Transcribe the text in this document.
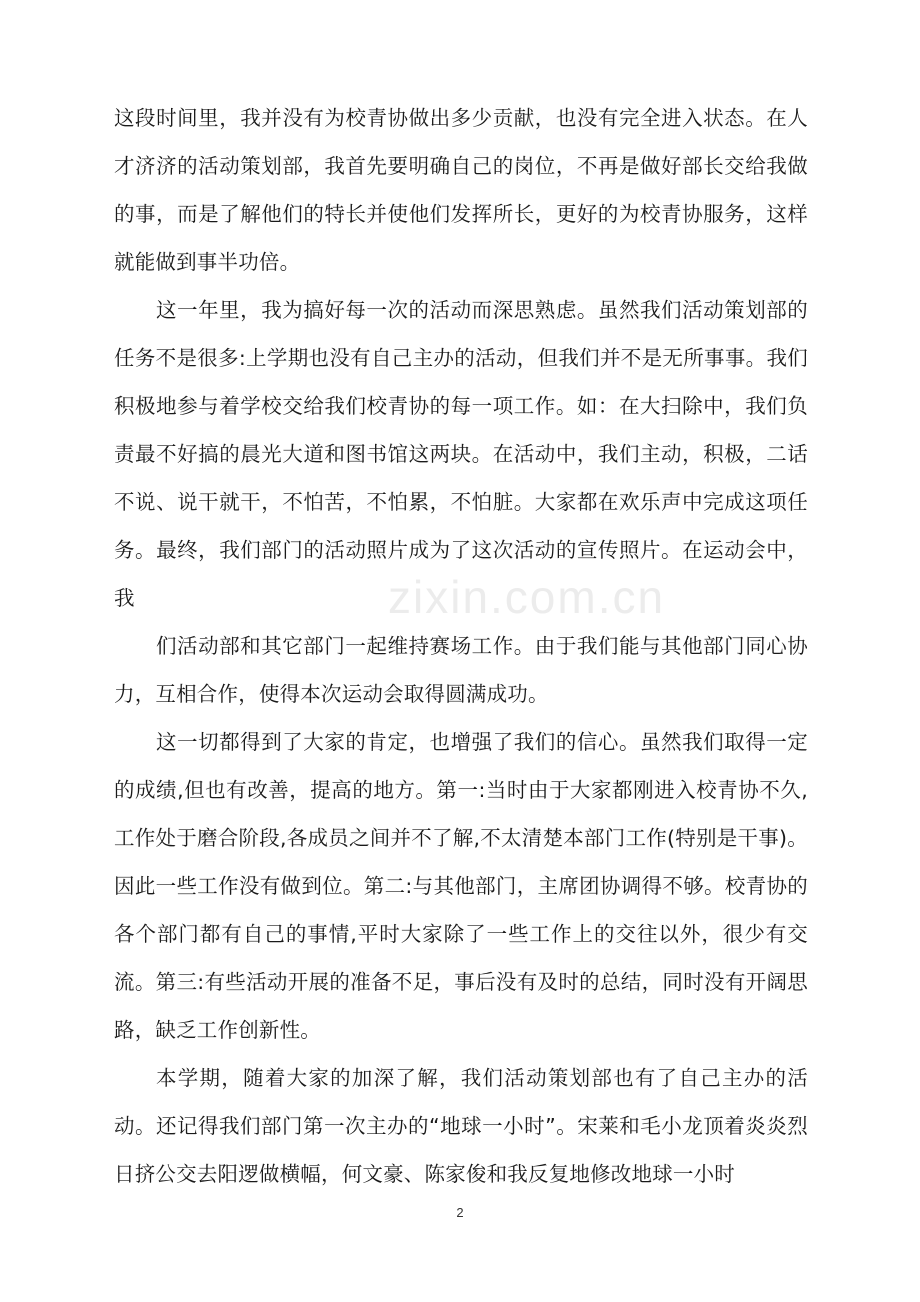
zixin.com.cn

这段时间里，我并没有为校青协做出多少贡献，也没有完全进入状态。在人才济济的活动策划部，我首先要明确自己的岗位，不再是做好部长交给我做的事，而是了解他们的特长并使他们发挥所长，更好的为校青协服务，这样就能做到事半功倍。

这一年里，我为搞好每一次的活动而深思熟虑。虽然我们活动策划部的任务不是很多:上学期也没有自己主办的活动，但我们并不是无所事事。我们积极地参与着学校交给我们校青协的每一项工作。如：在大扫除中，我们负责最不好搞的晨光大道和图书馆这两块。在活动中，我们主动，积极，二话不说、说干就干，不怕苦，不怕累，不怕脏。大家都在欢乐声中完成这项任务。最终，我们部门的活动照片成为了这次活动的宣传照片。在运动会中，我

们活动部和其它部门一起维持赛场工作。由于我们能与其他部门同心协力，互相合作，使得本次运动会取得圆满成功。

这一切都得到了大家的肯定，也增强了我们的信心。虽然我们取得一定的成绩,但也有改善，提高的地方。第一:当时由于大家都刚进入校青协不久,工作处于磨合阶段,各成员之间并不了解,不太清楚本部门工作(特别是干事)。因此一些工作没有做到位。第二:与其他部门，主席团协调得不够。校青协的各个部门都有自己的事情,平时大家除了一些工作上的交往以外，很少有交流。第三:有些活动开展的准备不足，事后没有及时的总结，同时没有开阔思路，缺乏工作创新性。

本学期，随着大家的加深了解，我们活动策划部也有了自己主办的活动。还记得我们部门第一次主办的“地球一小时”。宋莱和毛小龙顶着炎炎烈日挤公交去阳逻做横幅，何文豪、陈家俊和我反复地修改地球一小时

2
